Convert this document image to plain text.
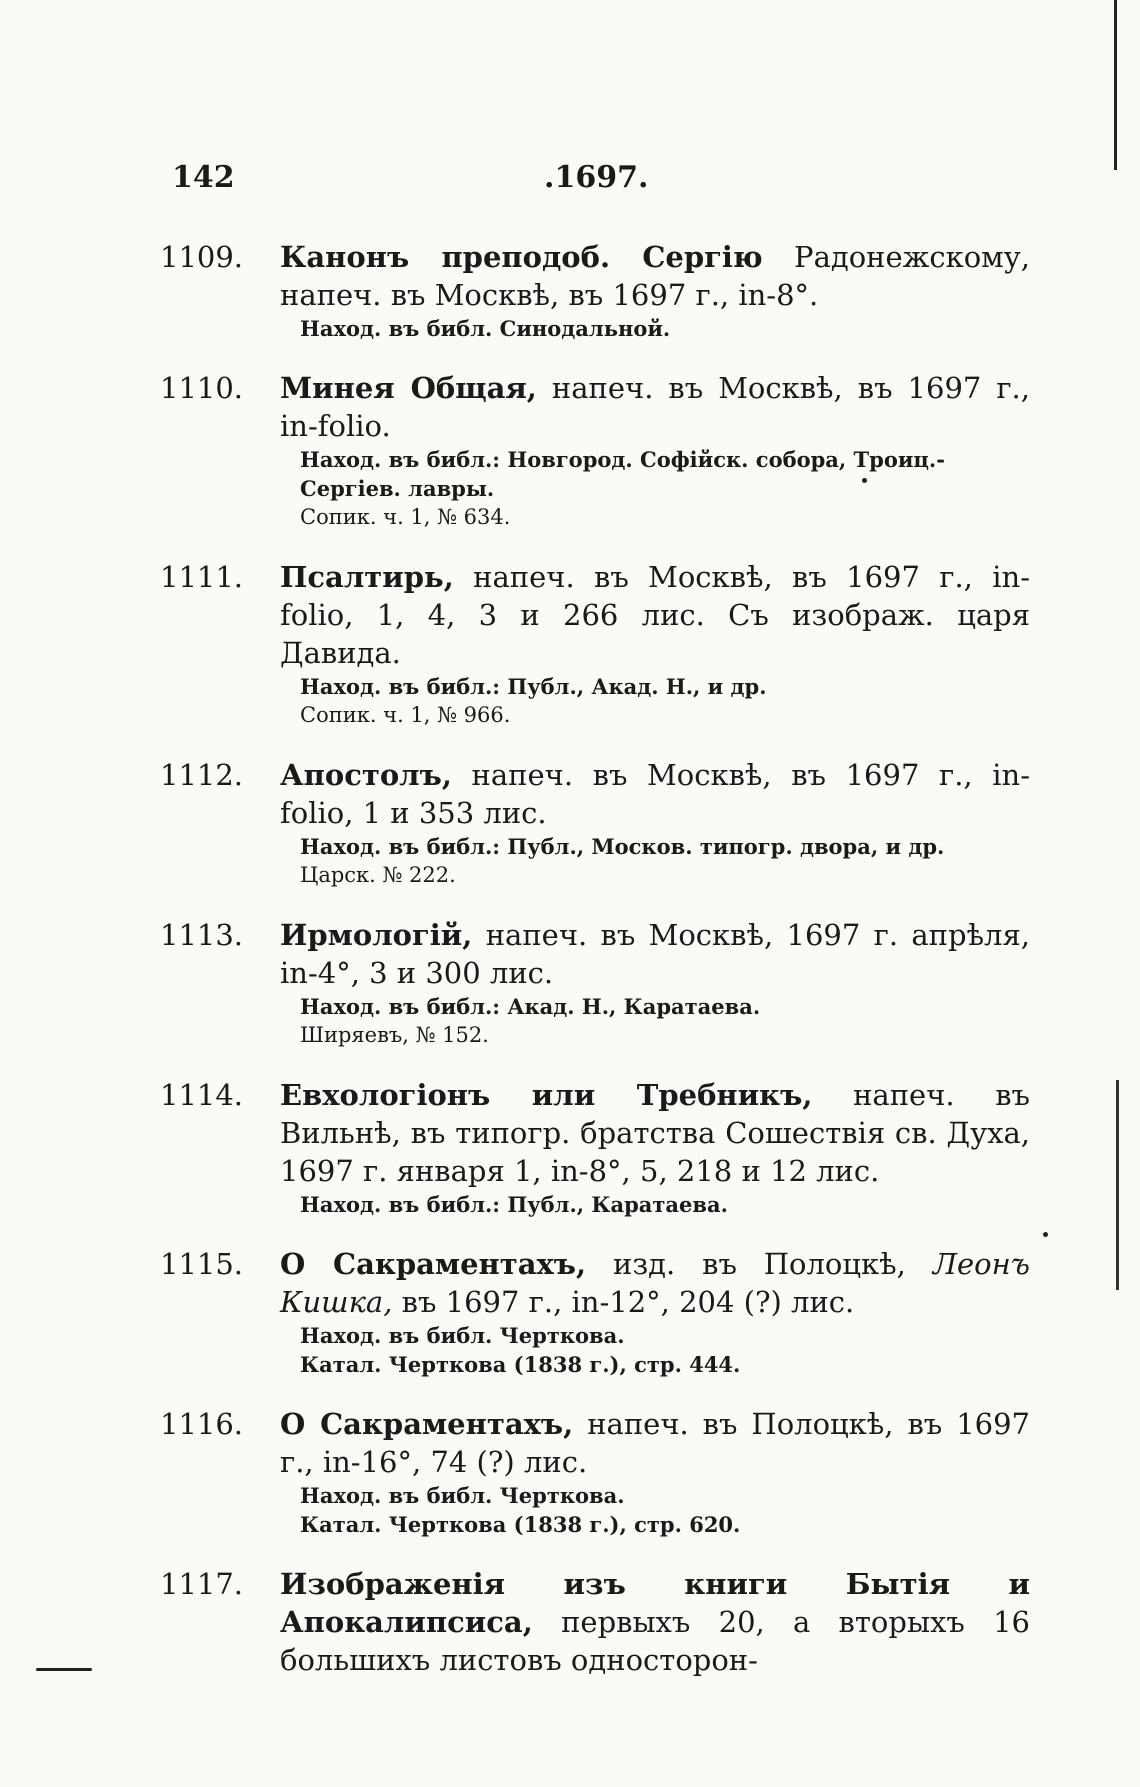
142	.1697.
1109.	Канонъ преподоб. Сергію Радонежскому, напеч. въ Москвѣ, въ 1697 г., in-8°.
Наход. въ библ. Синодальной.
1110.	Минея Общая, напеч. въ Москвѣ, въ 1697 г., in-folio.
Наход. въ библ.: Новгород. Софійск. собора, Троиц.-Сергіев. лавры.
Сопик. ч. 1, № 634.
1111.	Псалтирь, напеч. въ Москвѣ, въ 1697 г., in-folio, 1, 4, 3 и 266 лис. Съ изображ. царя Давида.
Наход. въ библ.: Публ., Акад. Н., и др.
Сопик. ч. 1, № 966.
1112.	Апостолъ, напеч. въ Москвѣ, въ 1697 г., in-folio, 1 и 353 лис.
Наход. въ библ.: Публ., Москов. типогр. двора, и др.
Царск. № 222.
1113.	Ирмологій, напеч. въ Москвѣ, 1697 г. апрѣля, in-4°, 3 и 300 лис.
Наход. въ библ.: Акад. Н., Каратаева.
Ширяевъ, № 152.
1114.	Евхологіонъ или Требникъ, напеч. въ Вильнѣ, въ типогр. братства Сошествія св. Духа, 1697 г. января 1, in-8°, 5, 218 и 12 лис.
Наход. въ библ.: Публ., Каратаева.
1115.	О Сакраментахъ, изд. въ Полоцкѣ, Леонъ Кишка, въ 1697 г., in-12°, 204 (?) лис.
Наход. въ библ. Черткова.
Катал. Черткова (1838 г.), стр. 444.
1116.	О Сакраментахъ, напеч. въ Полоцкѣ, въ 1697 г., in-16°, 74 (?) лис.
Наход. въ библ. Черткова.
Катал. Черткова (1838 г.), стр. 620.
1117.	Изображенія изъ книги Бытія и Апокалипсиса, первыхъ 20, а вторыхъ 16 большихъ листовъ односторон-
